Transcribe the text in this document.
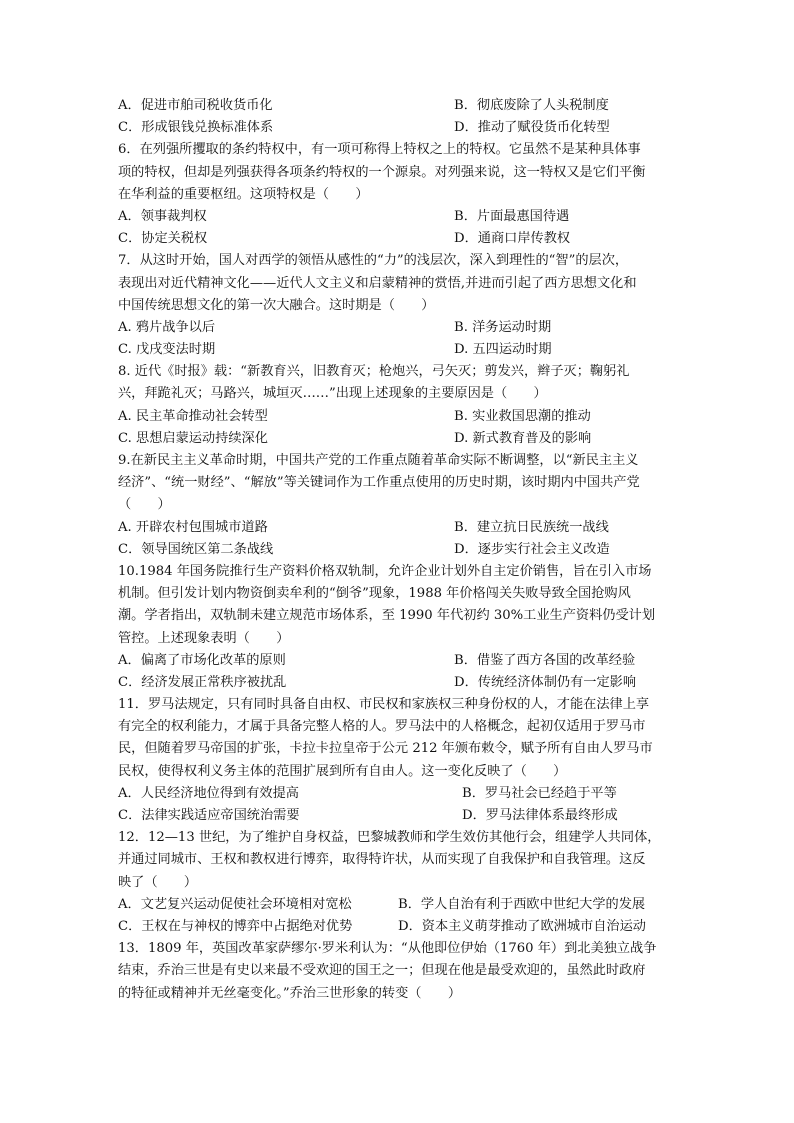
A．促进市舶司税收货币化	B．彻底废除了人头税制度
C．形成银钱兑换标准体系	D．推动了赋役货币化转型
6．在列强所攫取的条约特权中，有一项可称得上特权之上的特权。它虽然不是某种具体事
项的特权，但却是列强获得各项条约特权的一个源泉。对列强来说，这一特权又是它们平衡
在华利益的重要枢纽。这项特权是（　　）
A．领事裁判权	B．片面最惠国待遇
C．协定关税权	D．通商口岸传教权
7．从这时开始，国人对西学的领悟从感性的“力”的浅层次，深入到理性的“智”的层次，
表现出对近代精神文化——近代人文主义和启蒙精神的赏悟,并进而引起了西方思想文化和
中国传统思想文化的第一次大融合。这时期是（　　）
A. 鸦片战争以后	B. 洋务运动时期
C. 戊戌变法时期	D. 五四运动时期
8. 近代《时报》载：“新教育兴，旧教育灭；枪炮兴，弓矢灭；剪发兴，辫子灭；鞠躬礼
兴，拜跪礼灭；马路兴，城垣灭……”出现上述现象的主要原因是（　　）
A. 民主革命推动社会转型	B. 实业救国思潮的推动
C. 思想启蒙运动持续深化	D. 新式教育普及的影响
9.在新民主主义革命时期，中国共产党的工作重点随着革命实际不断调整，以“新民主主义
经济”、“统一财经”、“解放”等关键词作为工作重点使用的历史时期，该时期内中国共产党
（　　）
A. 开辟农村包围城市道路	B．建立抗日民族统一战线
C．领导国统区第二条战线	D．逐步实行社会主义改造
10.1984 年国务院推行生产资料价格双轨制，允许企业计划外自主定价销售，旨在引入市场
机制。但引发计划内物资倒卖牟利的“倒爷”现象，1988 年价格闯关失败导致全国抢购风
潮。学者指出，双轨制未建立规范市场体系，至 1990 年代初约 30%工业生产资料仍受计划
管控。上述现象表明（　　）
A．偏离了市场化改革的原则	B．借鉴了西方各国的改革经验
C．经济发展正常秩序被扰乱	D．传统经济体制仍有一定影响
11．罗马法规定，只有同时具备自由权、市民权和家族权三种身份权的人，才能在法律上享
有完全的权利能力，才属于具备完整人格的人。罗马法中的人格概念，起初仅适用于罗马市
民，但随着罗马帝国的扩张，卡拉卡拉皇帝于公元 212 年颁布敕令，赋予所有自由人罗马市
民权，使得权利义务主体的范围扩展到所有自由人。这一变化反映了（　　）
A．人民经济地位得到有效提高	B．罗马社会已经趋于平等
C．法律实践适应帝国统治需要	D．罗马法律体系最终形成
12．12—13 世纪，为了维护自身权益，巴黎城教师和学生效仿其他行会，组建学人共同体，
并通过同城市、王权和教权进行博弈，取得特许状，从而实现了自我保护和自我管理。这反
映了（　　）
A．文艺复兴运动促使社会环境相对宽松	B．学人自治有利于西欧中世纪大学的发展
C．王权在与神权的博弈中占据绝对优势	D．资本主义萌芽推动了欧洲城市自治运动
13．1809 年，英国改革家萨缪尔·罗米利认为：“从他即位伊始（1760 年）到北美独立战争
结束，乔治三世是有史以来最不受欢迎的国王之一；但现在他是最受欢迎的，虽然此时政府
的特征或精神并无丝毫变化。”乔治三世形象的转变（　　）
